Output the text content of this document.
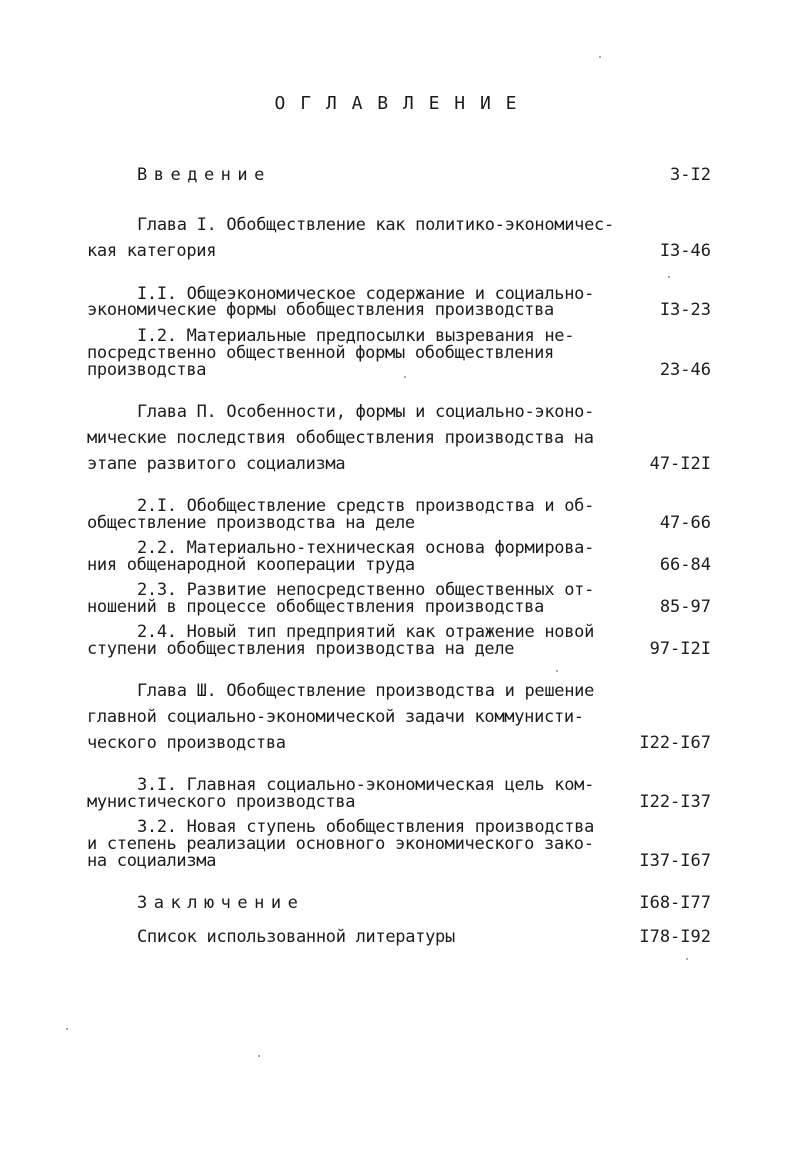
О Г Л А В Л Е Н И Е
Введение	3-I2
Глава I. Обобществление как политико-экономичес-
кая категория	I3-46
I.I. Общеэкономическое содержание и социально-
экономические формы обобществления производства	I3-23
I.2. Материальные предпосылки вызревания не-
посредственно общественной формы обобществления
производства	23-46
Глава П. Особенности, формы и социально-эконо-
мические последствия обобществления производства на
этапе развитого социализма	47-I2I
2.I. Обобществление средств производства и об-
обществление производства на деле	47-66
2.2. Материально-техническая основа формирова-
ния общенародной кооперации труда	66-84
2.3. Развитие непосредственно общественных от-
ношений в процессе обобществления производства	85-97
2.4. Новый тип предприятий как отражение новой
ступени обобществления производства на деле	97-I2I
Глава Ш. Обобществление производства и решение
главной социально-экономической задачи коммунисти-
ческого производства	I22-I67
3.I. Главная социально-экономическая цель ком-
мунистического производства	I22-I37
3.2. Новая ступень обобществления производства
и степень реализации основного экономического зако-
на социализма	I37-I67
Заключение	I68-I77
Список использованной литературы	I78-I92
